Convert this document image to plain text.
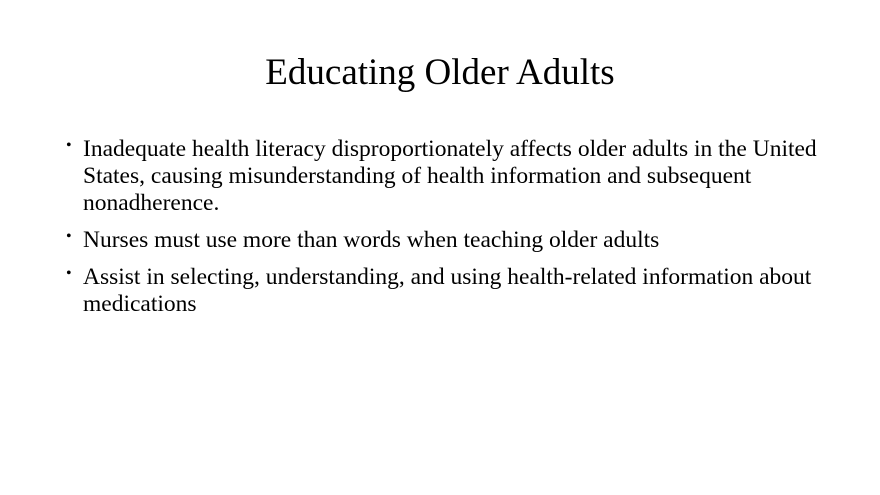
Educating Older Adults
• Inadequate health literacy disproportionately affects older adults in the United States, causing misunderstanding of health information and subsequent nonadherence.
• Nurses must use more than words when teaching older adults
• Assist in selecting, understanding, and using health-related information about medications
